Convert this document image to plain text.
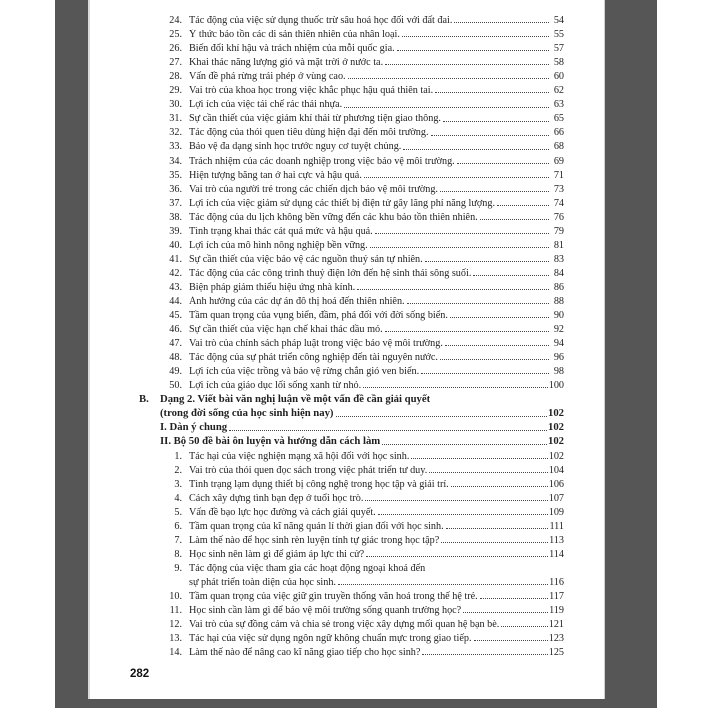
24. Tác động của việc sử dụng thuốc trừ sâu hoá học đối với đất đai.	54
25. Ý thức bảo tồn các di sản thiên nhiên của nhân loại.	55
26. Biến đổi khí hậu và trách nhiệm của mỗi quốc gia.	57
27. Khai thác năng lượng gió và mặt trời ở nước ta.	58
28. Vấn đề phá rừng trái phép ở vùng cao.	60
29. Vai trò của khoa học trong việc khắc phục hậu quả thiên tai.	62
30. Lợi ích của việc tái chế rác thải nhựa.	63
31. Sự cần thiết của việc giảm khí thải từ phương tiện giao thông.	65
32. Tác động của thói quen tiêu dùng hiện đại đến môi trường.	66
33. Bảo vệ đa dạng sinh học trước nguy cơ tuyệt chủng.	68
34. Trách nhiệm của các doanh nghiệp trong việc bảo vệ môi trường.	69
35. Hiện tượng băng tan ở hai cực và hậu quả.	71
36. Vai trò của người trẻ trong các chiến dịch bảo vệ môi trường.	73
37. Lợi ích của việc giảm sử dụng các thiết bị điện tử gây lãng phí năng lượng.	74
38. Tác động của du lịch không bền vững đến các khu bảo tồn thiên nhiên.	76
39. Tình trạng khai thác cát quá mức và hậu quả.	79
40. Lợi ích của mô hình nông nghiệp bền vững.	81
41. Sự cần thiết của việc bảo vệ các nguồn thuỷ sản tự nhiên.	83
42. Tác động của các công trình thuỷ điện lớn đến hệ sinh thái sông suối.	84
43. Biện pháp giảm thiểu hiệu ứng nhà kính.	86
44. Ảnh hưởng của các dự án đô thị hoá đến thiên nhiên.	88
45. Tầm quan trọng của vụng biển, đầm, phá đối với đời sống biển.	90
46. Sự cần thiết của việc hạn chế khai thác dầu mỏ.	92
47. Vai trò của chính sách pháp luật trong việc bảo vệ môi trường.	94
48. Tác động của sự phát triển công nghiệp đến tài nguyên nước.	96
49. Lợi ích của việc trồng và bảo vệ rừng chắn gió ven biển.	98
50. Lợi ích của giáo dục lối sống xanh từ nhỏ.	100
B.	Dạng 2. Viết bài văn nghị luận về một vấn đề cần giải quyết
(trong đời sống của học sinh hiện nay)	102
I. Dàn ý chung	102
II. Bộ 50 đề bài ôn luyện và hướng dẫn cách làm	102
1. Tác hại của việc nghiện mạng xã hội đối với học sinh.	102
2. Vai trò của thói quen đọc sách trong việc phát triển tư duy.	104
3. Tình trạng lạm dụng thiết bị công nghệ trong học tập và giải trí.	106
4. Cách xây dựng tình bạn đẹp ở tuổi học trò.	107
5. Vấn đề bạo lực học đường và cách giải quyết.	109
6. Tầm quan trọng của kĩ năng quản lí thời gian đối với học sinh.	111
7. Làm thế nào để học sinh rèn luyện tính tự giác trong học tập?	113
8. Học sinh nên làm gì để giảm áp lực thi cử?	114
9. Tác động của việc tham gia các hoạt động ngoại khoá đến
sự phát triển toàn diện của học sinh.	116
10. Tầm quan trọng của việc giữ gìn truyền thống văn hoá trong thế hệ trẻ.	117
11. Học sinh cần làm gì để bảo vệ môi trường sống quanh trường học?	119
12. Vai trò của sự đồng cảm và chia sẻ trong việc xây dựng mối quan hệ bạn bè.	121
13. Tác hại của việc sử dụng ngôn ngữ không chuẩn mực trong giao tiếp.	123
14. Làm thế nào để nâng cao kĩ năng giao tiếp cho học sinh?	125
282
